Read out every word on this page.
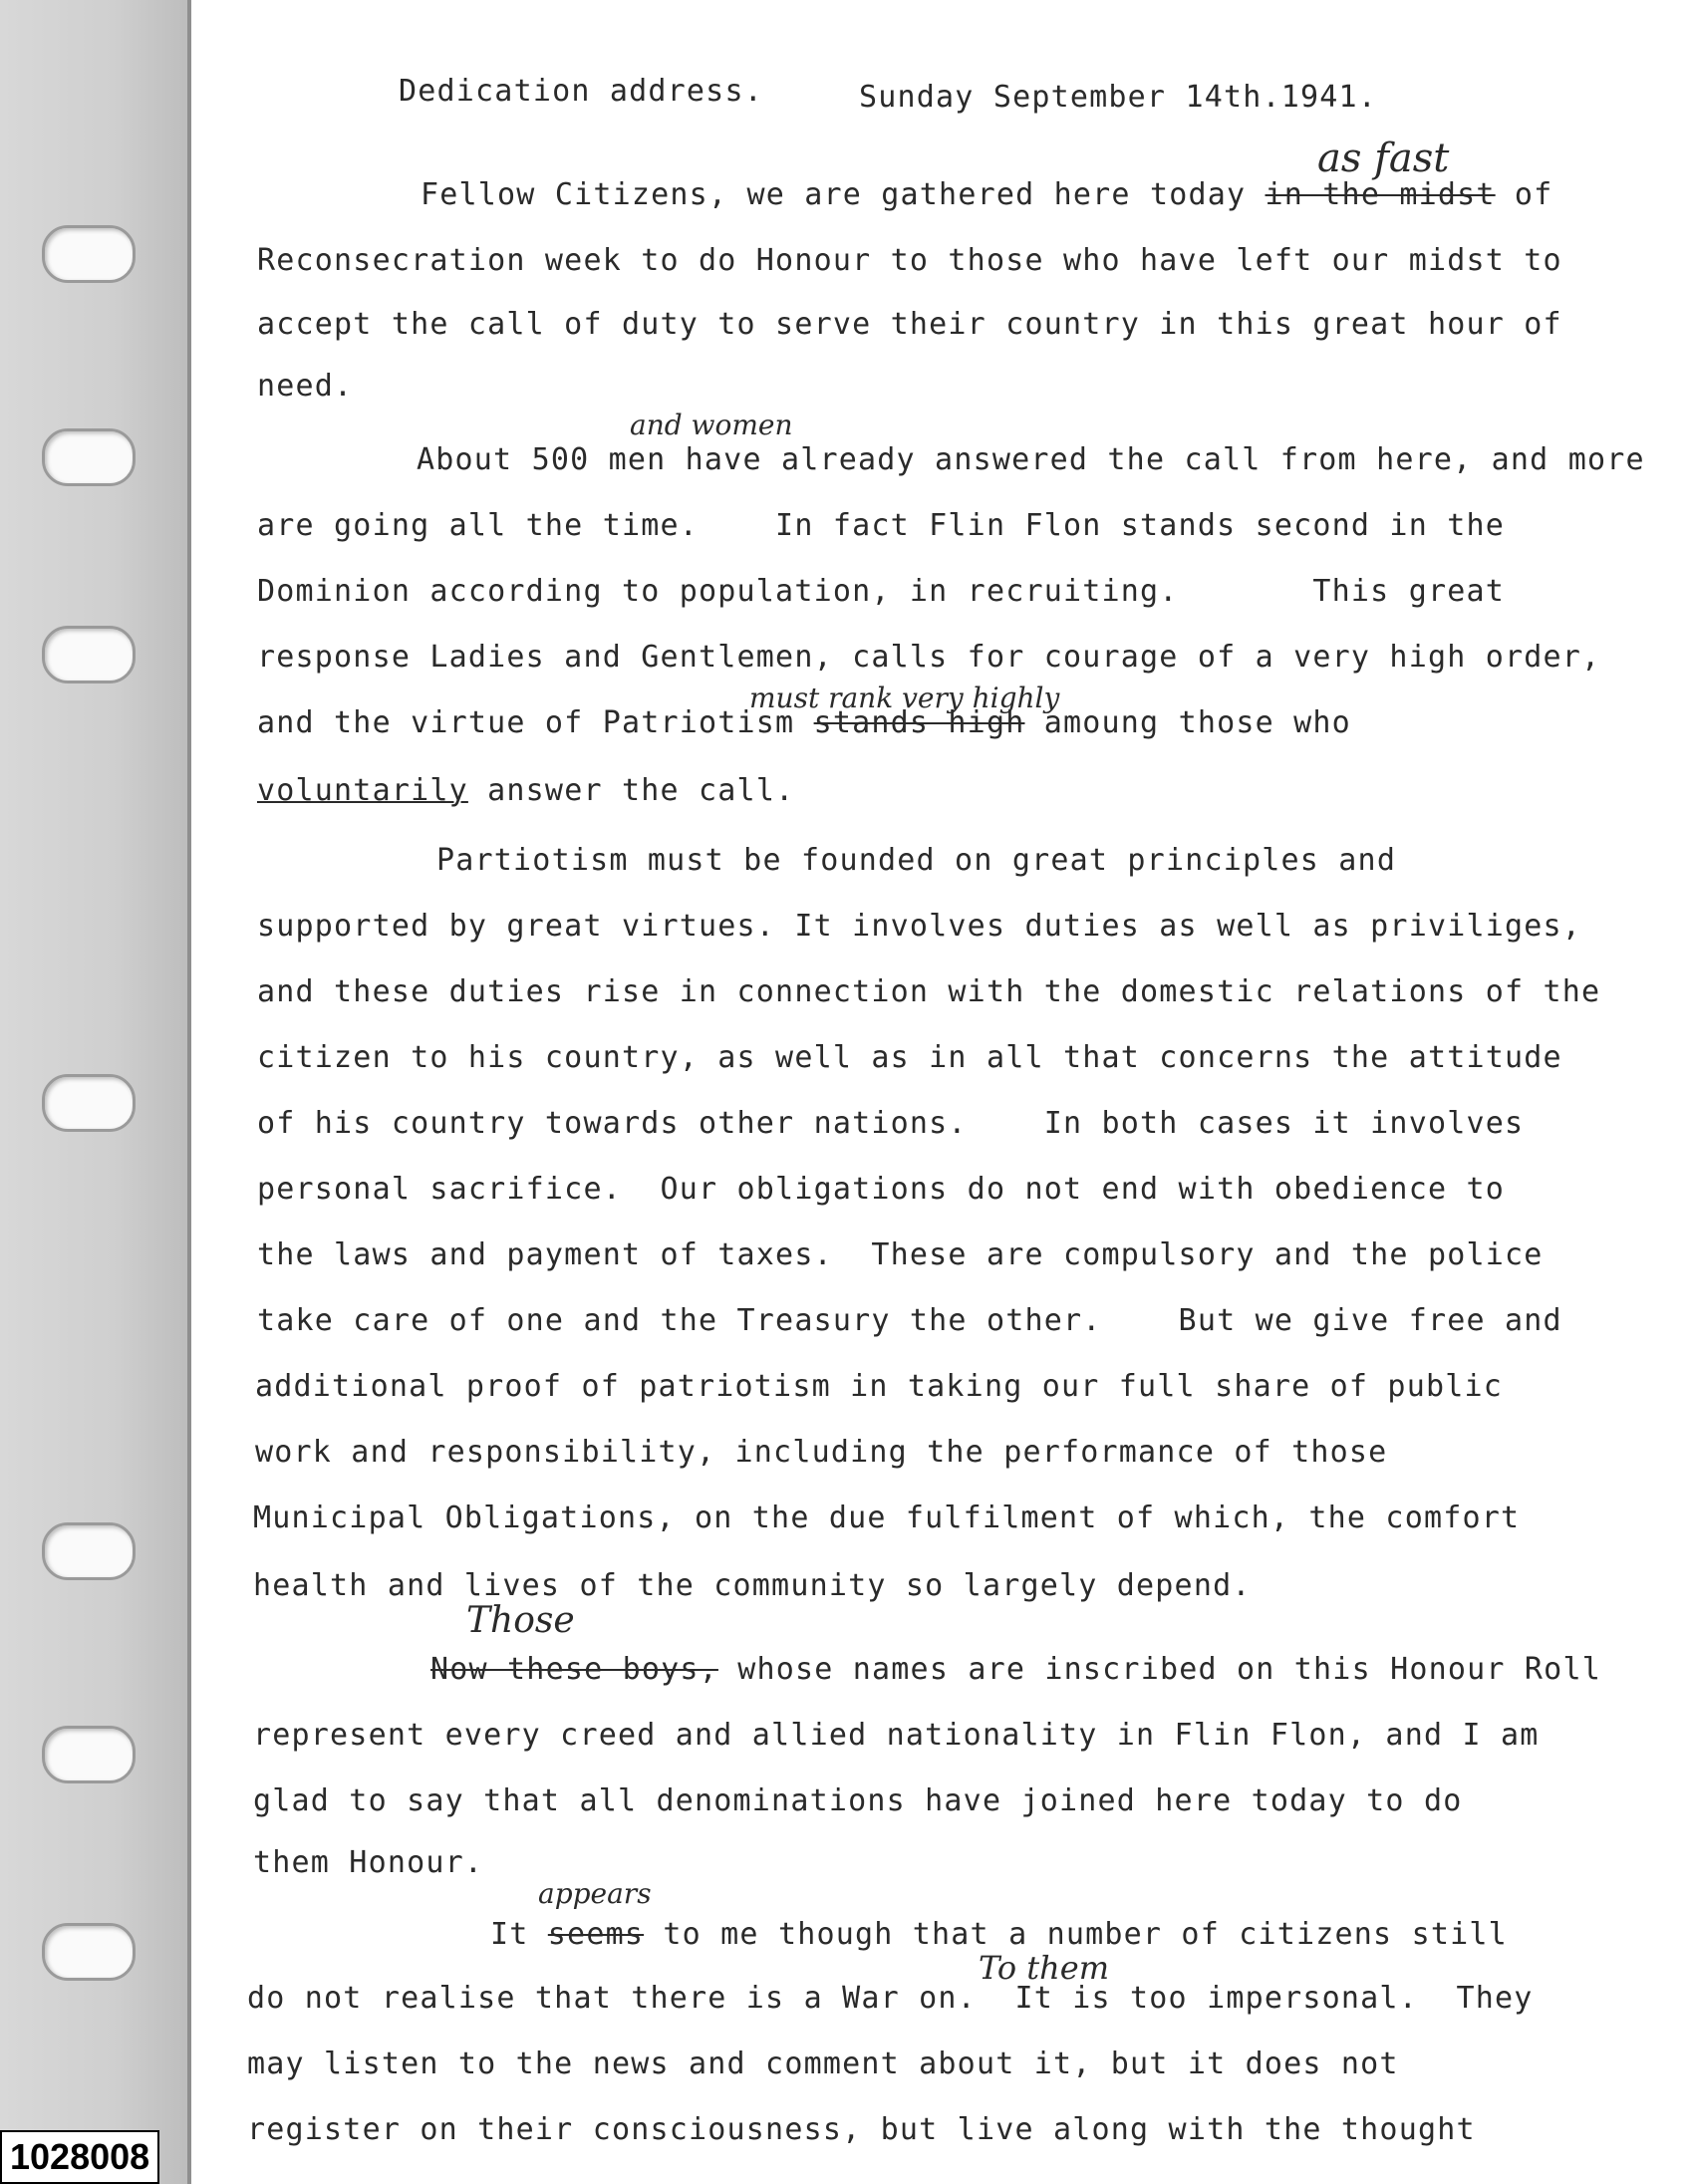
Dedication address.	Sunday September 14th.1941.
as fast
Fellow Citizens, we are gathered here today in the midst of
Reconsecration week to do Honour to those who have left our midst to
accept the call of duty to serve their country in this great hour of
need.
and women
About 500 men have already answered the call from here, and more
are going all the time.    In fact Flin Flon stands second in the
Dominion according to population, in recruiting.       This great
response Ladies and Gentlemen, calls for courage of a very high order,
must rank very highly
and the virtue of Patriotism stands high amoung those who
voluntarily answer the call.
Partiotism must be founded on great principles and
supported by great virtues. It involves duties as well as priviliges,
and these duties rise in connection with the domestic relations of the
citizen to his country, as well as in all that concerns the attitude
of his country towards other nations.    In both cases it involves
personal sacrifice.  Our obligations do not end with obedience to
the laws and payment of taxes.  These are compulsory and the police
take care of one and the Treasury the other.    But we give free and
additional proof of patriotism in taking our full share of public
work and responsibility, including the performance of those
Municipal Obligations, on the due fulfilment of which, the comfort
health and lives of the community so largely depend.
Those
Now these boys, whose names are inscribed on this Honour Roll
represent every creed and allied nationality in Flin Flon, and I am
glad to say that all denominations have joined here today to do
them Honour.
appears
It seems to me though that a number of citizens still
To them
do not realise that there is a War on.  It is too impersonal.  They
may listen to the news and comment about it, but it does not
register on their consciousness, but live along with the thought
1028008
